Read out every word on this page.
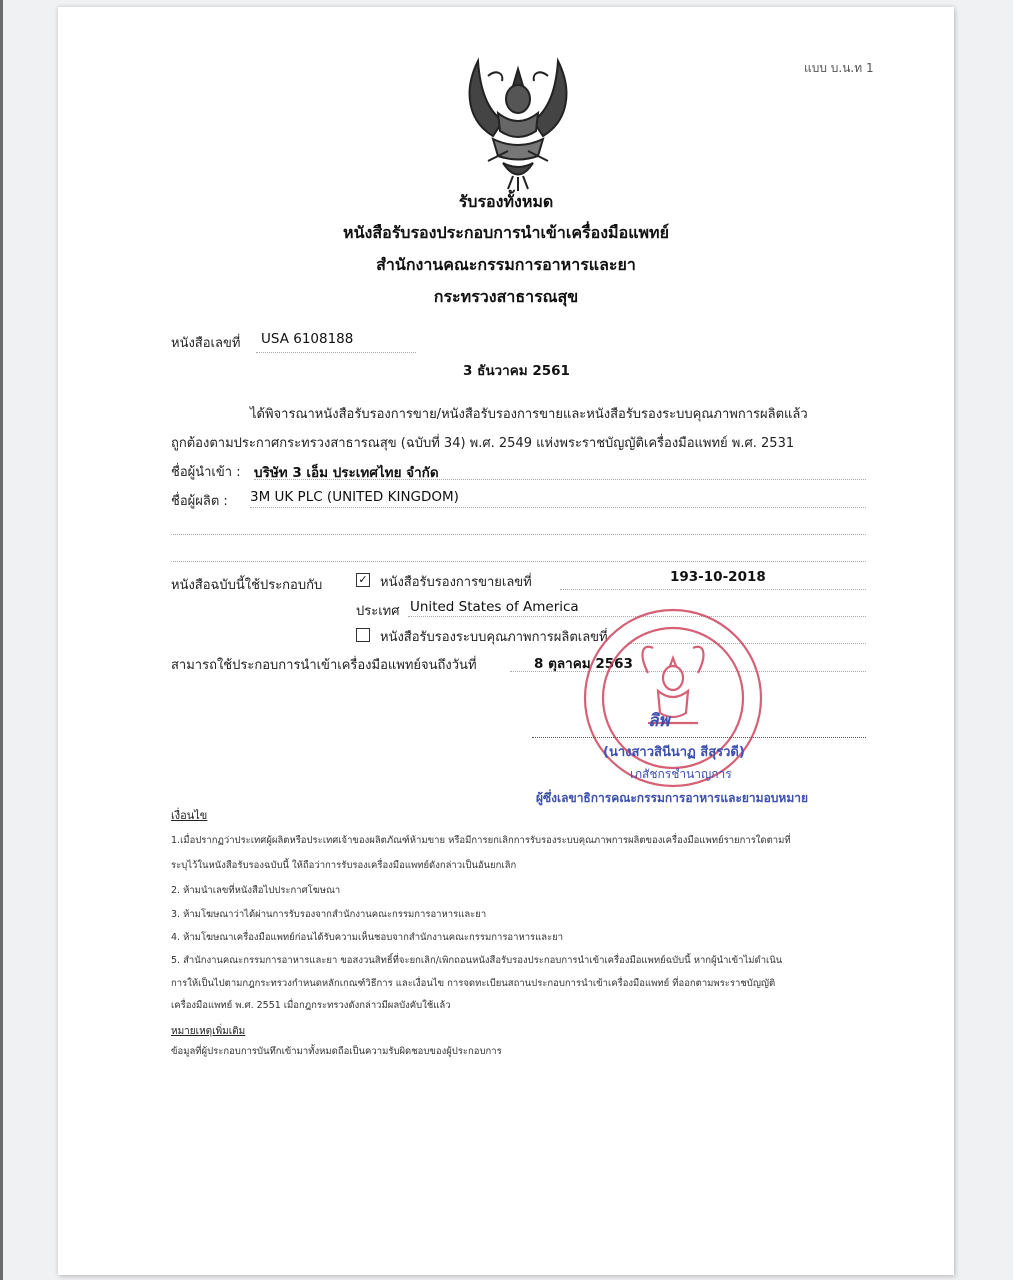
แบบ บ.น.ท 1
รับรองทั้งหมด
หนังสือรับรองประกอบการนำเข้าเครื่องมือแพทย์
สำนักงานคณะกรรมการอาหารและยา
กระทรวงสาธารณสุข
หนังสือเลขที่ USA 6108188
3 ธันวาคม 2561
ได้พิจารณาหนังสือรับรองการขาย/หนังสือรับรองการขายและหนังสือรับรองระบบคุณภาพการผลิตแล้ว
ถูกต้องตามประกาศกระทรวงสาธารณสุข (ฉบับที่ 34) พ.ศ. 2549 แห่งพระราชบัญญัติเครื่องมือแพทย์ พ.ศ. 2531
ชื่อผู้นำเข้า : บริษัท 3 เอ็ม ประเทศไทย จำกัด
ชื่อผู้ผลิต : 3M UK PLC (UNITED KINGDOM)
หนังสือฉบับนี้ใช้ประกอบกับ	✓ หนังสือรับรองการขายเลขที่	193-10-2018
ประเทศ United States of America
หนังสือรับรองระบบคุณภาพการผลิตเลขที่
สามารถใช้ประกอบการนำเข้าเครื่องมือแพทย์จนถึงวันที่	8 ตุลาคม 2563
ลิพ
(นางสาวสินีนาฏ สีสุรวดี)
เภสัชกรชำนาญการ
ผู้ซึ่งเลขาธิการคณะกรรมการอาหารและยามอบหมาย
เงื่อนไข
1.เมื่อปรากฏว่าประเทศผู้ผลิตหรือประเทศเจ้าของผลิตภัณฑ์ห้ามขาย หรือมีการยกเลิกการรับรองระบบคุณภาพการผลิตของเครื่องมือแพทย์รายการใดตามที่
ระบุไว้ในหนังสือรับรองฉบับนี้ ให้ถือว่าการรับรองเครื่องมือแพทย์ดังกล่าวเป็นอันยกเลิก
2. ห้ามนำเลขที่หนังสือไปประกาศโฆษณา
3. ห้ามโฆษณาว่าได้ผ่านการรับรองจากสำนักงานคณะกรรมการอาหารและยา
4. ห้ามโฆษณาเครื่องมือแพทย์ก่อนได้รับความเห็นชอบจากสำนักงานคณะกรรมการอาหารและยา
5. สำนักงานคณะกรรมการอาหารและยา ขอสงวนสิทธิ์ที่จะยกเลิก/เพิกถอนหนังสือรับรองประกอบการนำเข้าเครื่องมือแพทย์ฉบับนี้ หากผู้นำเข้าไม่ดำเนิน
การให้เป็นไปตามกฎกระทรวงกำหนดหลักเกณฑ์วิธีการ และเงื่อนไข การจดทะเบียนสถานประกอบการนำเข้าเครื่องมือแพทย์ ที่ออกตามพระราชบัญญัติ
เครื่องมือแพทย์ พ.ศ. 2551 เมื่อกฎกระทรวงดังกล่าวมีผลบังคับใช้แล้ว
หมายเหตุเพิ่มเติม
ข้อมูลที่ผู้ประกอบการบันทึกเข้ามาทั้งหมดถือเป็นความรับผิดชอบของผู้ประกอบการ
